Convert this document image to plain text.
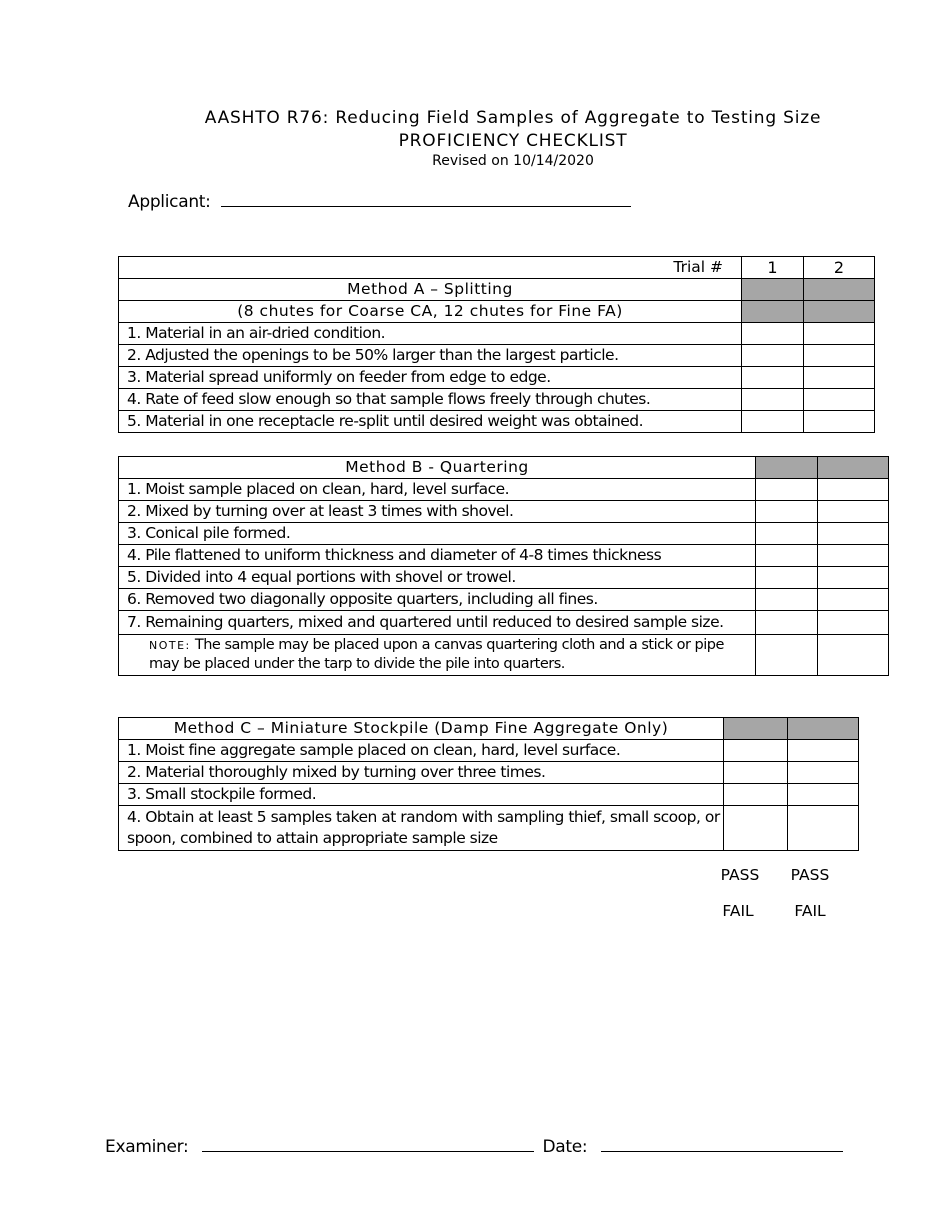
AASHTO R76: Reducing Field Samples of Aggregate to Testing Size
PROFICIENCY CHECKLIST
Revised on 10/14/2020
Applicant:
Trial #	1	2
Method A – Splitting		
(8 chutes for Coarse CA, 12 chutes for Fine FA)		
1. Material in an air-dried condition.		
2. Adjusted the openings to be 50% larger than the largest particle.		
3. Material spread uniformly on feeder from edge to edge.		
4. Rate of feed slow enough so that sample flows freely through chutes.		
5. Material in one receptacle re-split until desired weight was obtained.		
Method B - Quartering		
1. Moist sample placed on clean, hard, level surface.		
2. Mixed by turning over at least 3 times with shovel.		
3. Conical pile formed.		
4. Pile flattened to uniform thickness and diameter of 4-8 times thickness		
5. Divided into 4 equal portions with shovel or trowel.		
6. Removed two diagonally opposite quarters, including all fines.		
7. Remaining quarters, mixed and quartered until reduced to desired sample size.		
NOTE: The sample may be placed upon a canvas quartering cloth and a stick or pipe may be placed under the tarp to divide the pile into quarters.		
Method C – Miniature Stockpile (Damp Fine Aggregate Only)		
1. Moist fine aggregate sample placed on clean, hard, level surface.		
2. Material thoroughly mixed by turning over three times.		
3. Small stockpile formed.		
4. Obtain at least 5 samples taken at random with sampling thief, small scoop, or spoon, combined to attain appropriate sample size		
PASS	PASS
FAIL	FAIL
Examiner:	Date:
